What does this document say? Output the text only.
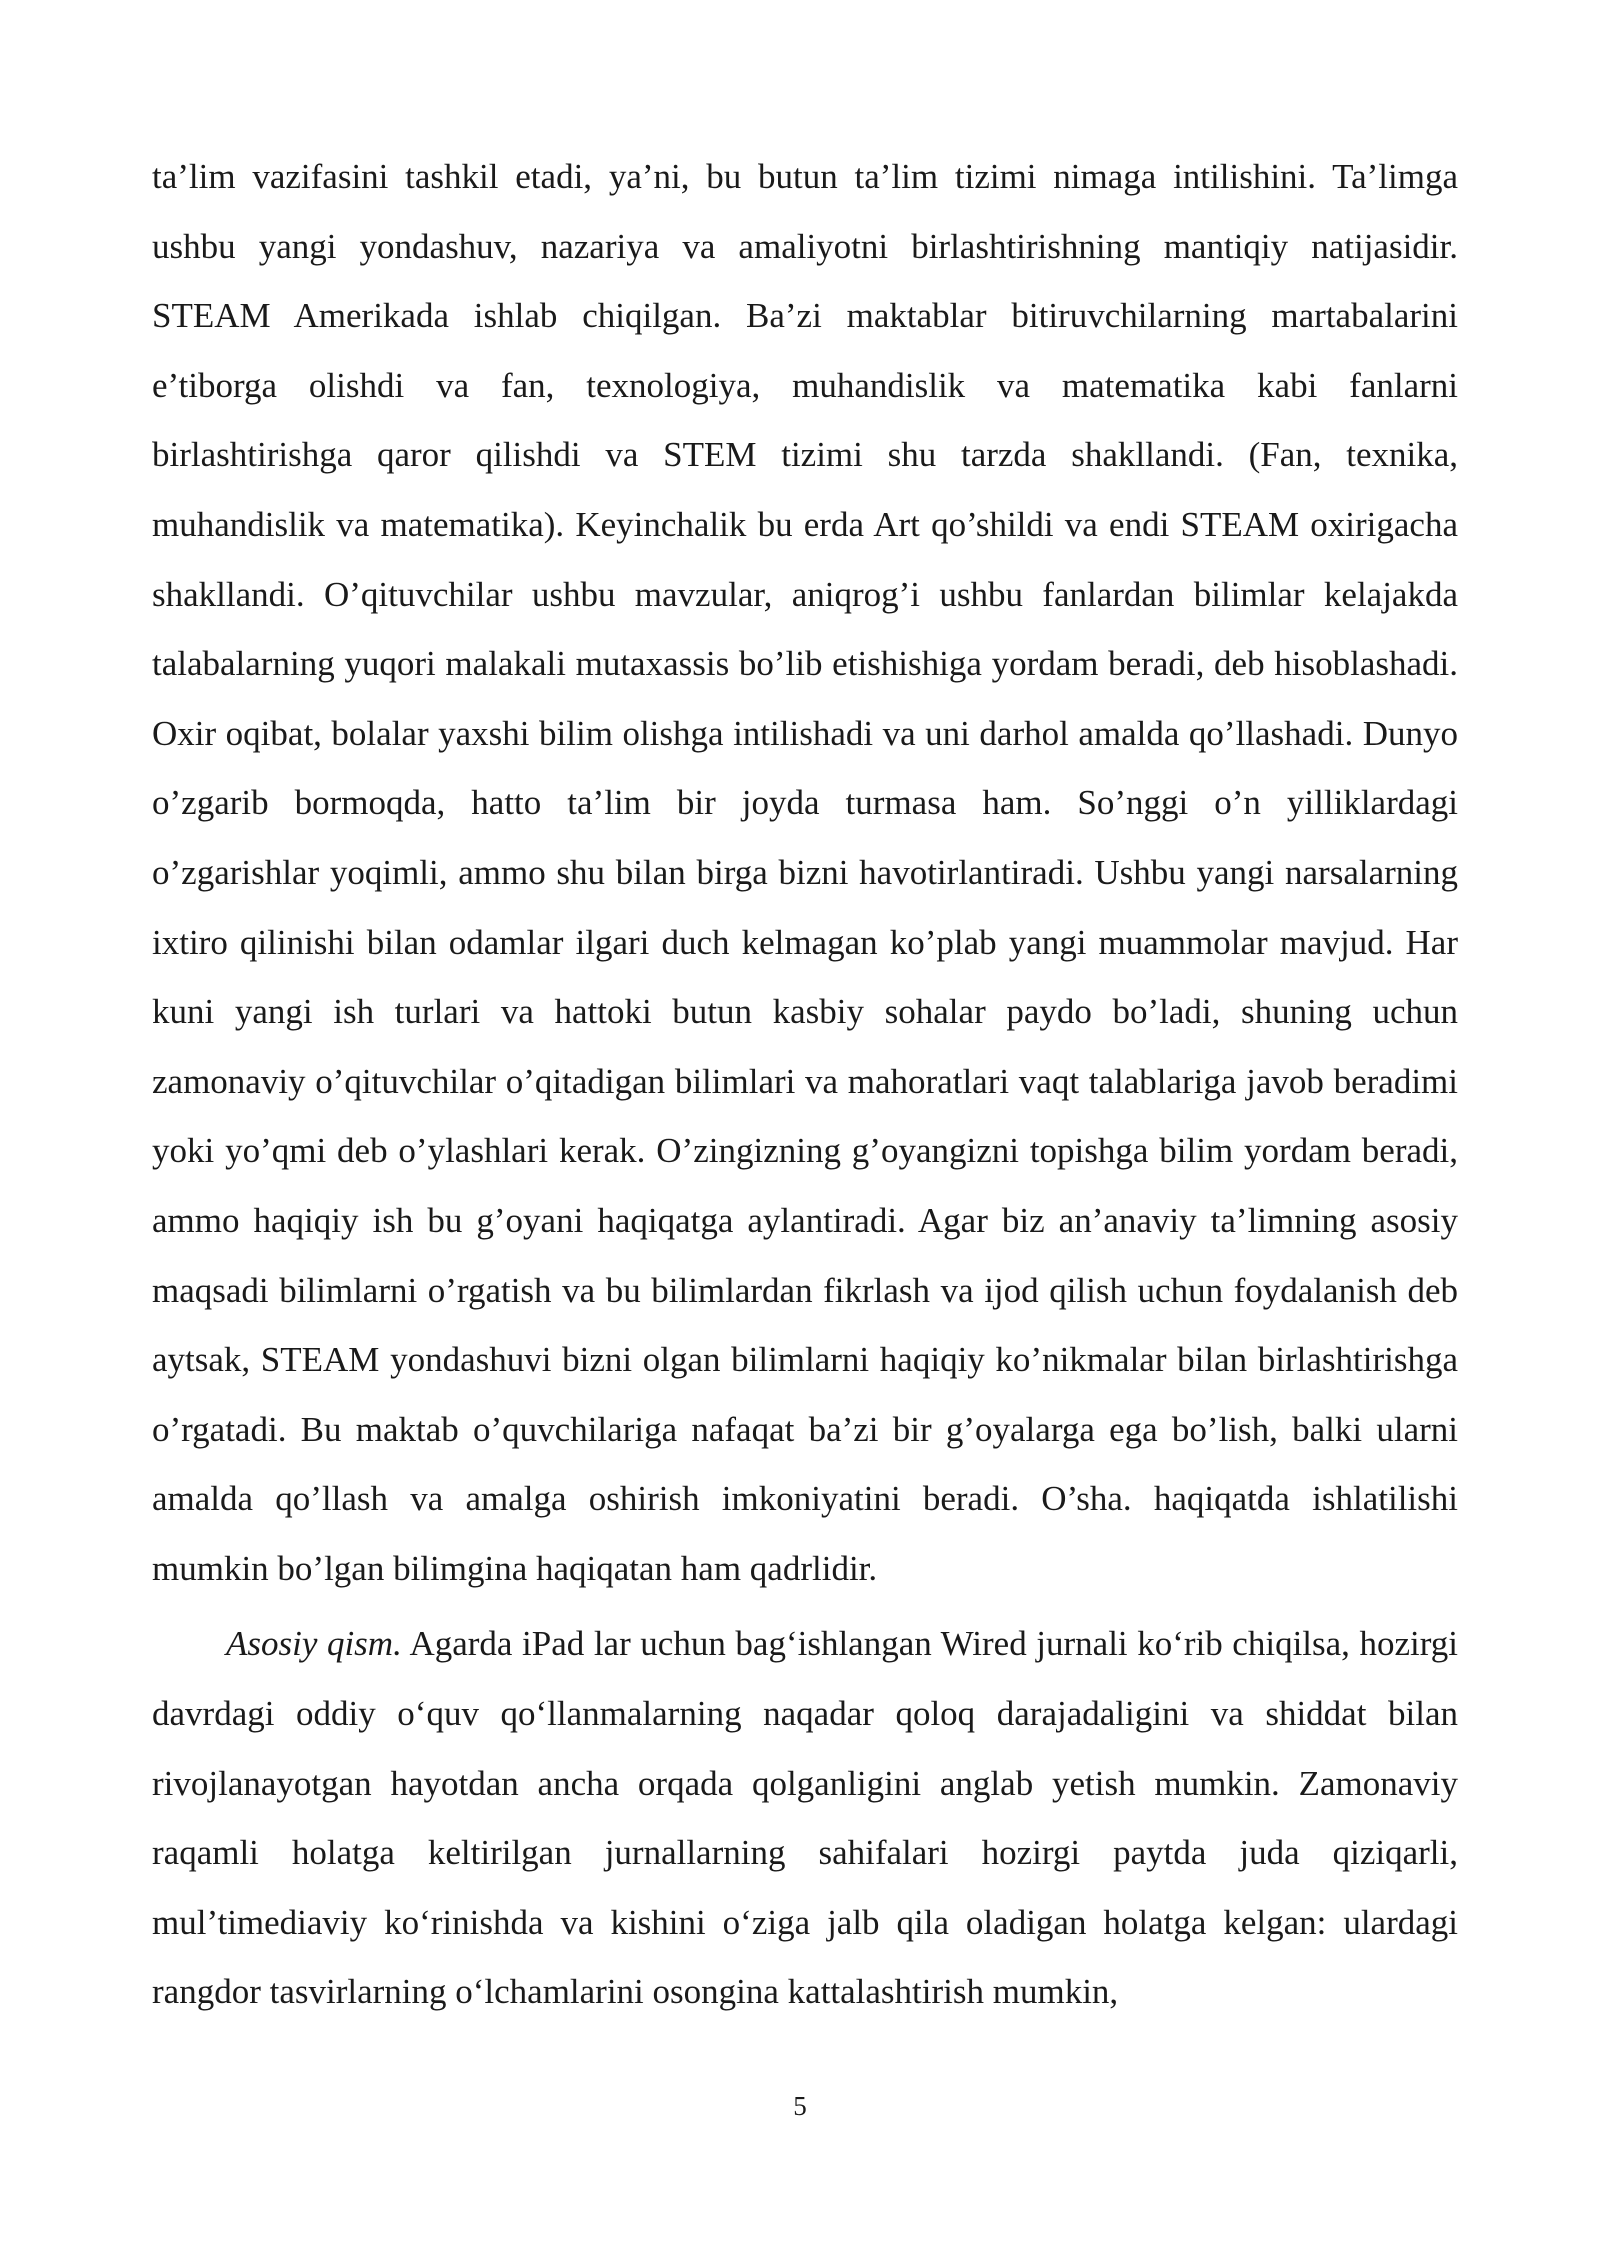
ta’lim vazifasini tashkil etadi, ya’ni, bu butun ta’lim tizimi nimaga intilishini. Ta’limga ushbu yangi yondashuv, nazariya va amaliyotni birlashtirishning mantiqiy natijasidir. STEAM Amerikada ishlab chiqilgan. Ba’zi maktablar bitiruvchilarning martabalarini e’tiborga olishdi va fan, texnologiya, muhandislik va matematika kabi fanlarni birlashtirishga qaror qilishdi va STEM tizimi shu tarzda shakllandi. (Fan, texnika, muhandislik va matematika). Keyinchalik bu erda Art qo’shildi va endi STEAM oxirigacha shakllandi. O’qituvchilar ushbu mavzular, aniqrog’i ushbu fanlardan bilimlar kelajakda talabalarning yuqori malakali mutaxassis bo’lib etishishiga yordam beradi, deb hisoblashadi. Oxir oqibat, bolalar yaxshi bilim olishga intilishadi va uni darhol amalda qo’llashadi. Dunyo o’zgarib bormoqda, hatto ta’lim bir joyda turmasa ham. So’nggi o’n yilliklardagi o’zgarishlar yoqimli, ammo shu bilan birga bizni havotirlantiradi. Ushbu yangi narsalarning ixtiro qilinishi bilan odamlar ilgari duch kelmagan ko’plab yangi muammolar mavjud. Har kuni yangi ish turlari va hattoki butun kasbiy sohalar paydo bo’ladi, shuning uchun zamonaviy o’qituvchilar o’qitadigan bilimlari va mahoratlari vaqt talablariga javob beradimi yoki yo’qmi deb o’ylashlari kerak. O’zingizning g’oyangizni topishga bilim yordam beradi, ammo haqiqiy ish bu g’oyani haqiqatga aylantiradi. Agar biz an’anaviy ta’limning asosiy maqsadi bilimlarni o’rgatish va bu bilimlardan fikrlash va ijod qilish uchun foydalanish deb aytsak, STEAM yondashuvi bizni olgan bilimlarni haqiqiy ko’nikmalar bilan birlashtirishga o’rgatadi. Bu maktab o’quvchilariga nafaqat ba’zi bir g’oyalarga ega bo’lish, balki ularni amalda qo’llash va amalga oshirish imkoniyatini beradi. O’sha. haqiqatda ishlatilishi mumkin bo’lgan bilimgina haqiqatan ham qadrlidir.

Asosiy qism. Agarda iPad lar uchun bag‘ishlangan Wired jurnali ko‘rib chiqilsa, hozirgi davrdagi oddiy o‘quv qo‘llanmalarning naqadar qoloq darajadaligini va shiddat bilan rivojlanayotgan hayotdan ancha orqada qolganligini anglab yetish mumkin. Zamonaviy raqamli holatga keltirilgan jurnallarning sahifalari hozirgi paytda juda qiziqarli, mul’timediaviy ko‘rinishda va kishini o‘ziga jalb qila oladigan holatga kelgan: ulardagi rangdor tasvirlarning o‘lchamlarini osongina kattalashtirish mumkin,

5
